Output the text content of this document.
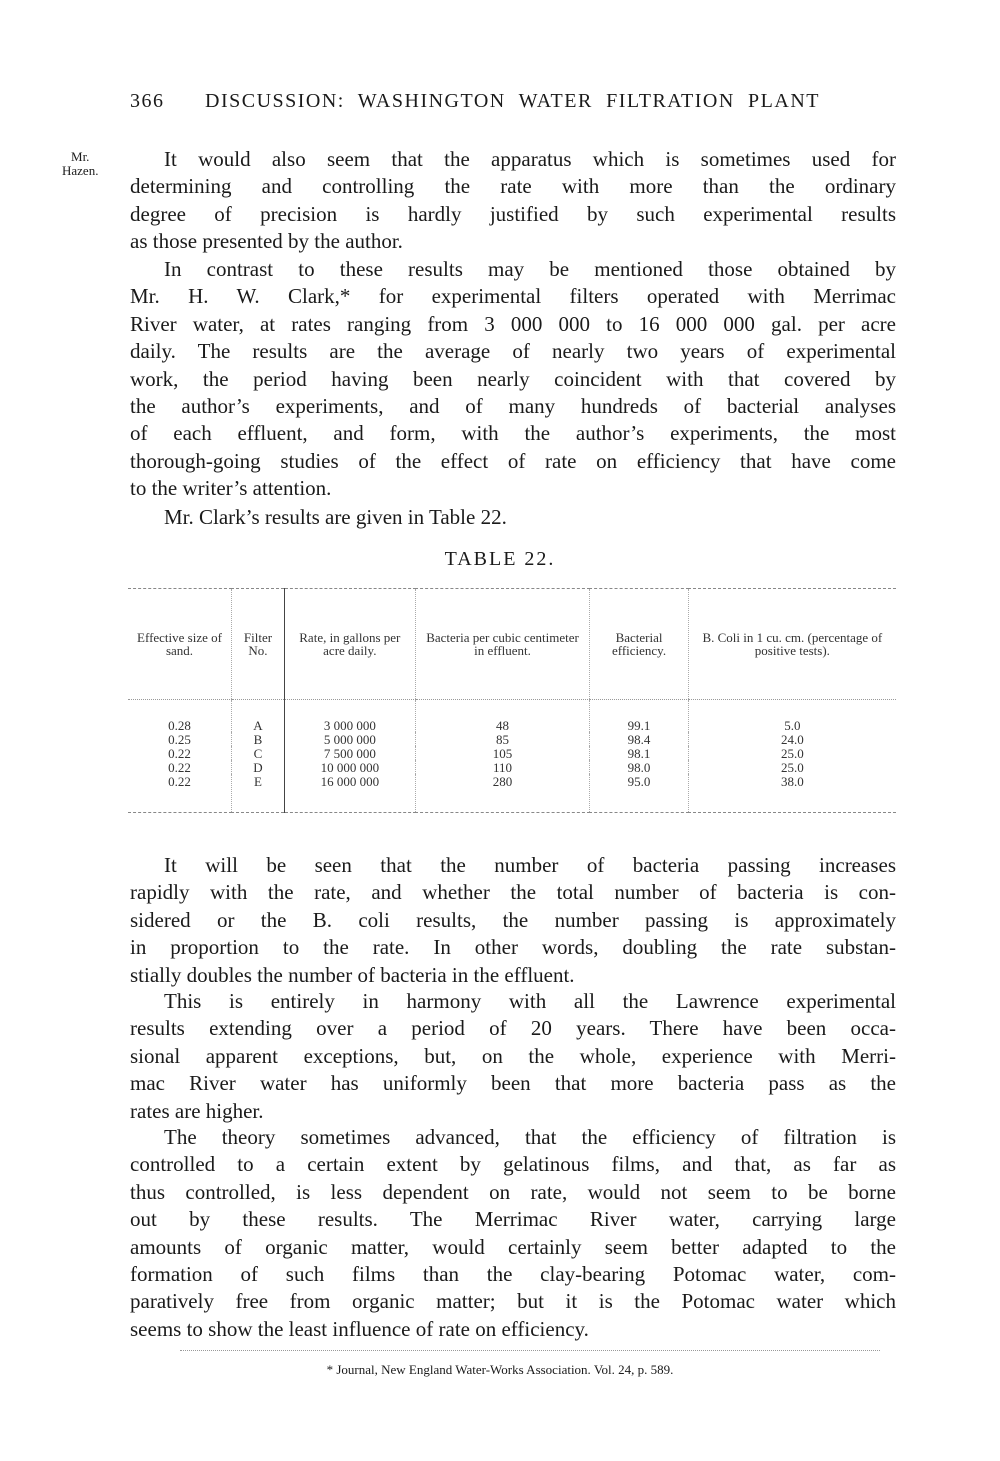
366 DISCUSSION: WASHINGTON WATER FILTRATION PLANT
Mr.
Hazen.	It would also seem that the apparatus which is sometimes used for
determining and controlling the rate with more than the ordinary
degree of precision is hardly justified by such experimental results
as those presented by the author.
In contrast to these results may be mentioned those obtained by
Mr. H. W. Clark,* for experimental filters operated with Merrimac
River water, at rates ranging from 3 000 000 to 16 000 000 gal. per acre
daily. The results are the average of nearly two years of experimental
work, the period having been nearly coincident with that covered by
the author’s experiments, and of many hundreds of bacterial analyses
of each effluent, and form, with the author’s experiments, the most
thorough-going studies of the effect of rate on efficiency that have come
to the writer’s attention.
Mr. Clark’s results are given in Table 22.
TABLE 22.
Effective size of sand.	Filter No.	Rate, in gallons per acre daily.	Bacteria per cubic centimeter in effluent.	Bacterial efficiency.	B. Coli in 1 cu. cm. (percentage of positive tests).
0.28	A	3 000 000	48	99.1	5.0
0.25	B	5 000 000	85	98.4	24.0
0.22	C	7 500 000	105	98.1	25.0
0.22	D	10 000 000	110	98.0	25.0
0.22	E	16 000 000	280	95.0	38.0
It will be seen that the number of bacteria passing increases
rapidly with the rate, and whether the total number of bacteria is con-
sidered or the B. coli results, the number passing is approximately
in proportion to the rate. In other words, doubling the rate substan-
stially doubles the number of bacteria in the effluent.
This is entirely in harmony with all the Lawrence experimental
results extending over a period of 20 years. There have been occa-
sional apparent exceptions, but, on the whole, experience with Merri-
mac River water has uniformly been that more bacteria pass as the
rates are higher.
The theory sometimes advanced, that the efficiency of filtration is
controlled to a certain extent by gelatinous films, and that, as far as
thus controlled, is less dependent on rate, would not seem to be borne
out by these results. The Merrimac River water, carrying large
amounts of organic matter, would certainly seem better adapted to the
formation of such films than the clay-bearing Potomac water, com-
paratively free from organic matter; but it is the Potomac water which
seems to show the least influence of rate on efficiency.
* Journal, New England Water-Works Association. Vol. 24, p. 589.
